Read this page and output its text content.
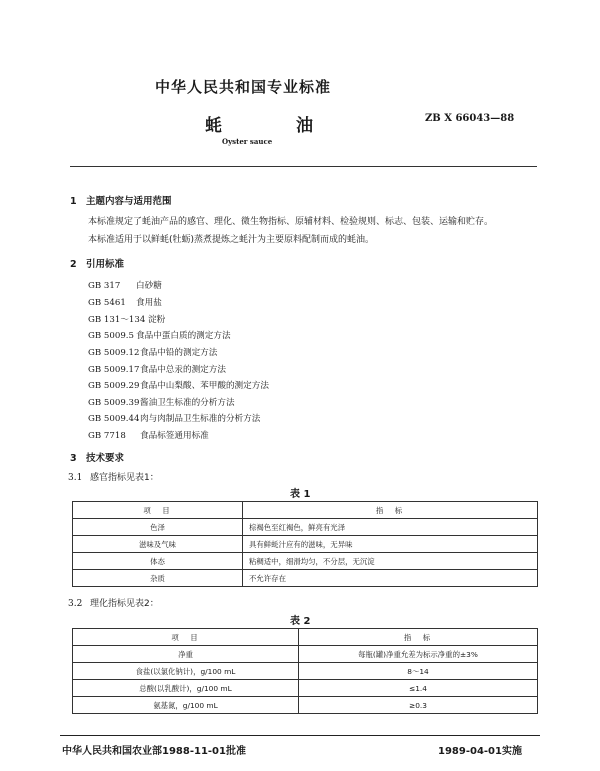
中华人民共和国专业标准
蚝	油	ZB X 66043—88
Oyster sauce
1 主题内容与适用范围
本标准规定了蚝油产品的感官、理化、微生物指标、原辅材料、检验规则、标志、包装、运输和贮存。
本标准适用于以鲜蚝(牡蛎)蒸煮提炼之蚝汁为主要原料配制而成的蚝油。
2 引用标准
GB 317 白砂糖
GB 5461 食用盐
GB 131～134 淀粉
GB 5009.5 食品中蛋白质的测定方法
GB 5009.12食品中铅的测定方法
GB 5009.17食品中总汞的测定方法
GB 5009.29食品中山梨酸、苯甲酸的测定方法
GB 5009.39酱油卫生标准的分析方法
GB 5009.44肉与肉制品卫生标准的分析方法
GB 7718 食品标签通用标准
3 技术要求
3.1 感官指标见表1：
表 1
项　目	指　标
色泽	棕褐色至红褐色，鲜亮有光泽
滋味及气味	具有鲜蚝汁应有的滋味，无异味
体态	粘稠适中，细滑均匀，不分层，无沉淀
杂质	不允许存在
3.2 理化指标见表2：
表 2
项　目	指　标
净重	每瓶(罐)净重允差为标示净重的±3%
食盐(以氯化钠计)，g/100 mL	8～14
总酸(以乳酸计)，g/100 mL	≤1.4
氨基氮，g/100 mL	≥0.3
中华人民共和国农业部1988-11-01批准	1989-04-01实施
